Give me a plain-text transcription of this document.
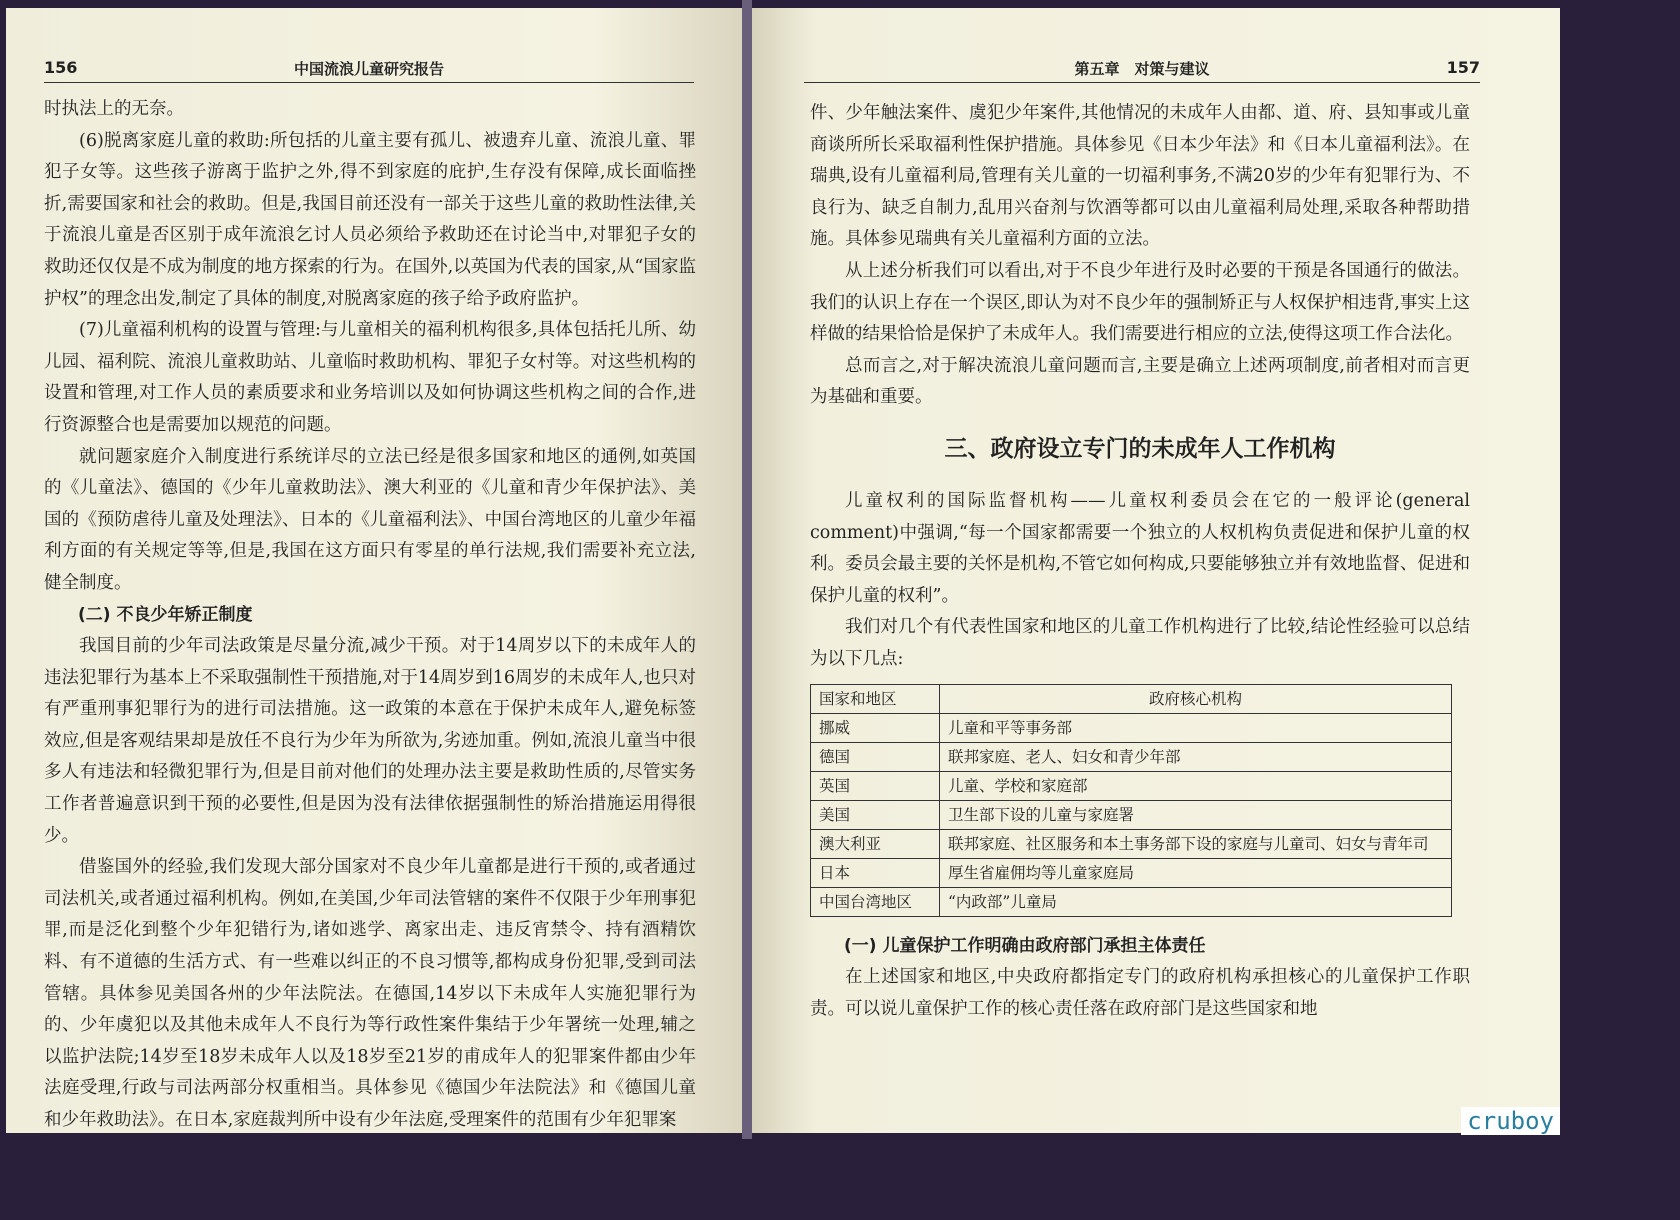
156	中国流浪儿童研究报告

时执法上的无奈。

(6)脱离家庭儿童的救助:所包括的儿童主要有孤儿、被遗弃儿童、流浪儿童、罪犯子女等。这些孩子游离于监护之外,得不到家庭的庇护,生存没有保障,成长面临挫折,需要国家和社会的救助。但是,我国目前还没有一部关于这些儿童的救助性法律,关于流浪儿童是否区别于成年流浪乞讨人员必须给予救助还在讨论当中,对罪犯子女的救助还仅仅是不成为制度的地方探索的行为。在国外,以英国为代表的国家,从“国家监护权”的理念出发,制定了具体的制度,对脱离家庭的孩子给予政府监护。

(7)儿童福利机构的设置与管理:与儿童相关的福利机构很多,具体包括托儿所、幼儿园、福利院、流浪儿童救助站、儿童临时救助机构、罪犯子女村等。对这些机构的设置和管理,对工作人员的素质要求和业务培训以及如何协调这些机构之间的合作,进行资源整合也是需要加以规范的问题。

就问题家庭介入制度进行系统详尽的立法已经是很多国家和地区的通例,如英国的《儿童法》、德国的《少年儿童救助法》、澳大利亚的《儿童和青少年保护法》、美国的《预防虐待儿童及处理法》、日本的《儿童福利法》、中国台湾地区的儿童少年福利方面的有关规定等等,但是,我国在这方面只有零星的单行法规,我们需要补充立法,健全制度。

(二) 不良少年矫正制度

我国目前的少年司法政策是尽量分流,减少干预。对于14周岁以下的未成年人的违法犯罪行为基本上不采取强制性干预措施,对于14周岁到16周岁的未成年人,也只对有严重刑事犯罪行为的进行司法措施。这一政策的本意在于保护未成年人,避免标签效应,但是客观结果却是放任不良行为少年为所欲为,劣迹加重。例如,流浪儿童当中很多人有违法和轻微犯罪行为,但是目前对他们的处理办法主要是救助性质的,尽管实务工作者普遍意识到干预的必要性,但是因为没有法律依据强制性的矫治措施运用得很少。

借鉴国外的经验,我们发现大部分国家对不良少年儿童都是进行干预的,或者通过司法机关,或者通过福利机构。例如,在美国,少年司法管辖的案件不仅限于少年刑事犯罪,而是泛化到整个少年犯错行为,诸如逃学、离家出走、违反宵禁令、持有酒精饮料、有不道德的生活方式、有一些难以纠正的不良习惯等,都构成身份犯罪,受到司法管辖。具体参见美国各州的少年法院法。在德国,14岁以下未成年人实施犯罪行为的、少年虞犯以及其他未成年人不良行为等行政性案件集结于少年署统一处理,辅之以监护法院;14岁至18岁未成年人以及18岁至21岁的甫成年人的犯罪案件都由少年法庭受理,行政与司法两部分权重相当。具体参见《德国少年法院法》和《德国儿童和少年救助法》。在日本,家庭裁判所中设有少年法庭,受理案件的范围有少年犯罪案

第五章　对策与建议	157

件、少年触法案件、虞犯少年案件,其他情况的未成年人由都、道、府、县知事或儿童商谈所所长采取福利性保护措施。具体参见《日本少年法》和《日本儿童福利法》。在瑞典,设有儿童福利局,管理有关儿童的一切福利事务,不满20岁的少年有犯罪行为、不良行为、缺乏自制力,乱用兴奋剂与饮酒等都可以由儿童福利局处理,采取各种帮助措施。具体参见瑞典有关儿童福利方面的立法。

从上述分析我们可以看出,对于不良少年进行及时必要的干预是各国通行的做法。我们的认识上存在一个误区,即认为对不良少年的强制矫正与人权保护相违背,事实上这样做的结果恰恰是保护了未成年人。我们需要进行相应的立法,使得这项工作合法化。

总而言之,对于解决流浪儿童问题而言,主要是确立上述两项制度,前者相对而言更为基础和重要。

三、政府设立专门的未成年人工作机构

儿童权利的国际监督机构——儿童权利委员会在它的一般评论(general comment)中强调,“每一个国家都需要一个独立的人权机构负责促进和保护儿童的权利。委员会最主要的关怀是机构,不管它如何构成,只要能够独立并有效地监督、促进和保护儿童的权利”。

我们对几个有代表性国家和地区的儿童工作机构进行了比较,结论性经验可以总结为以下几点:

国家和地区	政府核心机构
挪威	儿童和平等事务部
德国	联邦家庭、老人、妇女和青少年部
英国	儿童、学校和家庭部
美国	卫生部下设的儿童与家庭署
澳大利亚	联邦家庭、社区服务和本土事务部下设的家庭与儿童司、妇女与青年司
日本	厚生省雇佣均等儿童家庭局
中国台湾地区	“内政部”儿童局
(一) 儿童保护工作明确由政府部门承担主体责任

在上述国家和地区,中央政府都指定专门的政府机构承担核心的儿童保护工作职责。可以说儿童保护工作的核心责任落在政府部门是这些国家和地

cruboy
